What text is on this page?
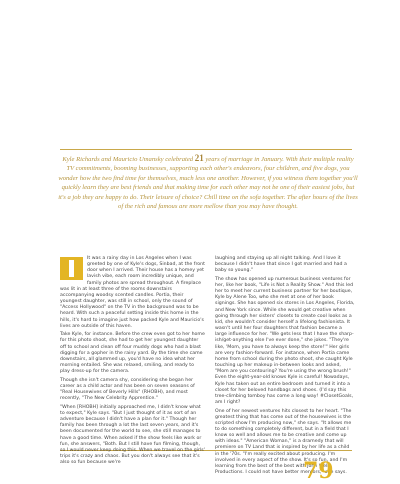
Kyle Richards and Mauricio Umansky celebrated 21 years of marriage in January. With their multiple reality TV commitments, booming businesses, supporting each other's endeavors, four children, and five dogs, you wonder how the two find time for themselves, much less one another. However, if you witness them together you'll quickly learn they are best friends and that making time for each other may not be one of their easiest jobs, but it's a job they are happy to do. Their leisure of choice? Chill time on the sofa together. The after hours of the lives of the rich and famous are more mellow than you may have thought.

It was a rainy day in Los Angeles when I was greeted by one of Kyle's dogs, Sinbad, at the front door when I arrived. Their house has a homey yet lavish vibe, each room incredibly unique, and family photos are spread throughout. A fireplace was lit in at least three of the rooms downstairs accompanying woodsy scented candles. Portia, their youngest daughter, was still in school, only the sound of "Access Hollywood" on the TV in the background was to be heard. With such a peaceful setting inside this home in the hills, it's hard to imagine just how packed Kyle and Mauricio's lives are outside of this haven.

Take Kyle, for instance. Before the crew even got to her home for this photo shoot, she had to get her youngest daughter off to school and clean off four muddy dogs who had a blast digging for a gopher in the rainy yard. By the time she came downstairs, all glammed up, you'd have no idea what her morning entailed. She was relaxed, smiling, and ready to play dress-up for the camera.

Though she isn't camera shy, considering she began her career as a child actor and has been on seven seasons of "Real Housewives of Beverly Hills" (RHOBH), and most recently, "The New Celebrity Apprentice."

"When [RHOBH] initially approached me, I didn't know what to expect," Kyle says. "But I just thought of it as sort of an adventure because I didn't have a plan for it." Though her family has been through a lot the last seven years, and it's been documented for the world to see, she still manages to have a good time. When asked if the show feels like work or fun, she answers, "Both. But I still have fun filming, though, so I would never keep doing this. When we travel on the girls' trips it's crazy and chaos. But you don't always see that it's also so fun because we're

laughing and staying up all night talking. And I love it because I didn't have that since I got married and had a baby so young."

The show has opened up numerous business ventures for her, like her book, "Life is Not a Reality Show." And this led her to meet her current business partner for her boutique, Kyle by Alene Too, who she met at one of her book signings. She has opened six stores in Los Angeles, Florida, and New York since. While she would get creative when going through her sisters' closets to create cool looks as a kid, she wouldn't consider herself a lifelong fashionista. It wasn't until her four daughters that fashion became a large influence for her. "We gets less that I have the sharp-ish/get-anything else I've ever done," she jokes. "They're like, 'Mom, you have to always keep the store!'" Her girls are very fashion-forward. For instance, when Portia came home from school during the photo shoot, she caught Kyle touching up her makeup in-between looks and asked, "Mom are you contouring? You're using the wrong brush!" Even the eight-year-old knows Kyle is careful! Nowadays, Kyle has taken out an entire bedroom and turned it into a closet for her beloved handbags and shoes. (I'd say this tree-climbing tomboy has come a long way! #ClosetGoals, am I right?

One of her newest ventures hits closest to her heart. "The greatest thing that has come out of the housewives is the scripted show I'm producing now," she says. "It allows me to do something completely different, but in a field that I know so well and allows me to be creative and come up with ideas." "American Woman," is a dramedy that will premiere on TV Land that is inspired by her life as a child in the '70s. "I'm really excited about producing. I'm involved in every aspect of the show. It's so fun, and I'm learning from the best of the best with John Wells Productions. I could not have better mentors," she says.

79
